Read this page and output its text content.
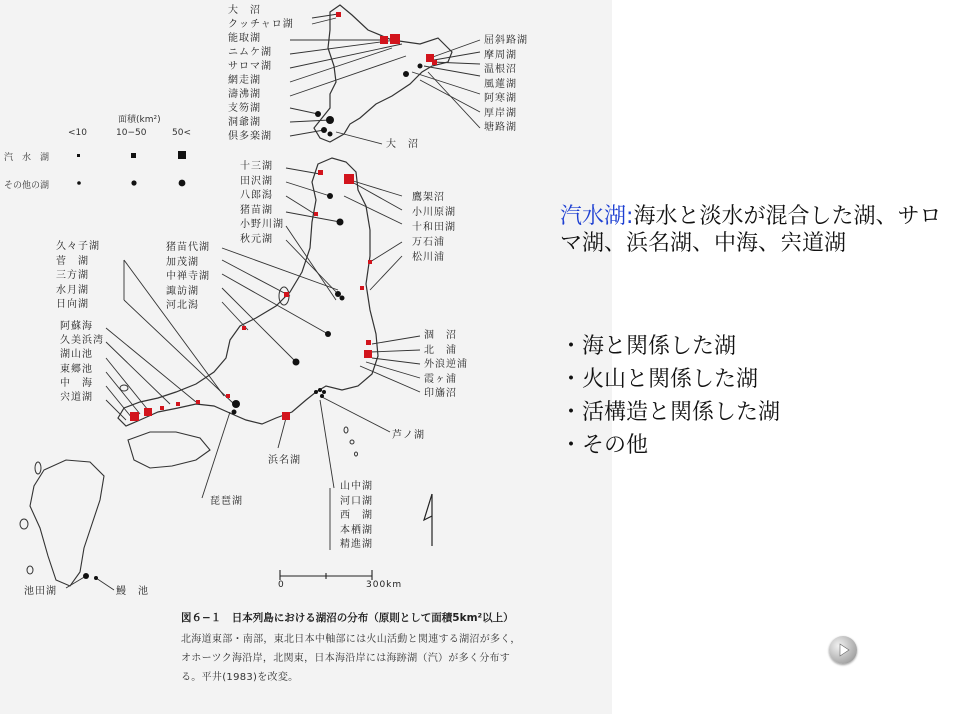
面積(km²)
<10	10−50	50<
汽　水　湖
その他の湖
大　沼
クッチャロ湖
能取湖
ニムケ湖
サロマ湖
網走湖
濤沸湖
支笏湖
洞爺湖
倶多楽湖
屈斜路湖
摩周湖
温根沼
風蓮湖
阿寒湖
厚岸湖
塘路湖
大　沼
十三湖
田沢湖
八郎潟
猪苗湖
小野川湖
秋元湖
鷹架沼
小川原湖
十和田湖
万石浦
松川浦
久々子湖
菅　湖
三方湖
水月湖
日向湖
猪苗代湖
加茂湖
中禅寺湖
諏訪湖
河北潟
涸　沼
北　浦
外浪逆浦
霞ヶ浦
印旛沼
阿蘇海
久美浜湾
湖山池
東郷池
中　海
宍道湖
芦ノ湖
浜名湖
琵琶湖
山中湖
河口湖
西　湖
本栖湖
精進湖
池田湖	鰻　池
0	300km
図６−１　日本列島における湖沼の分布（原則として面積5km²以上）
北海道東部・南部，東北日本中軸部には火山活動と関連する湖沼が多く，
オホーツク海沿岸，北関東，日本海沿岸には海跡湖（汽）が多く分布す
る。平井(1983)を改変。
汽水湖:海水と淡水が混合した湖、サロマ湖、浜名湖、中海、宍道湖
・ 海と関係した湖
・ 火山と関係した湖
・ 活構造と関係した湖
・ その他
